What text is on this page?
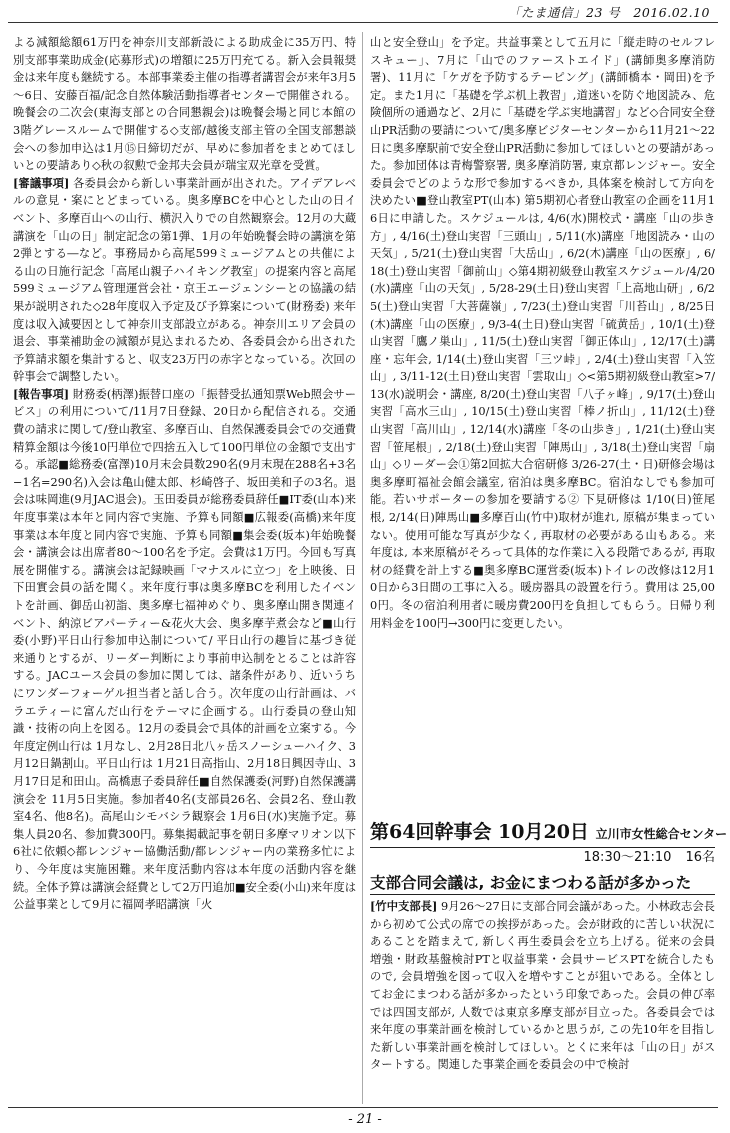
「たま通信」23 号　2016.02.10

よる減額総額61万円を神奈川支部新設による助成金に35万円、特別支部事業助成金(応募形式)の増額に25万円充てる。新入会員報奨金は来年度も継続する。本部事業委主催の指導者講習会が来年3月5～6日、安藤百福/記念自然体験活動指導者センターで開催される。晩餐会の二次会(東海支部との合同懇親会)は晩餐会場と同じ本館の3階グレースルームで開催する◇支部/越後支部主管の全国支部懇談会への参加申込は1月⑮日締切だが、早めに参加者をまとめてほしいとの要請あり◇秋の叙勲で金邦夫会員が瑞宝双光章を受賞。

[審議事項] 各委員会から新しい事業計画が出された。アイデアレベルの意見・案にとどまっている。奥多摩BCを中心とした山の日イベント、多摩百山への山行、横沢入りでの自然観察会。12月の大蔵講演を「山の日」制定記念の第1弾、1月の年始晩餐会時の講演を第2弾とする―など。事務局から高尾599ミュージアムとの共催による山の日施行記念「高尾山親子ハイキング教室」の提案内容と高尾599ミュージアム管理運営会社・京王エージェンシーとの協議の結果が説明された◇28年度収入予定及び予算案について(財務委) 来年度は収入減要因として神奈川支部設立がある。神奈川エリア会員の退会、事業補助金の減額が見込まれるため、各委員会から出された予算請求額を集計すると、収支23万円の赤字となっている。次回の幹事会で調整したい。

[報告事項] 財務委(柄澤)振替口座の「振替受払通知票Web照会サービス」の利用について/11月7日登録、20日から配信される。交通費の請求に関して/登山教室、多摩百山、自然保護委員会での交通費精算金額は今後10円単位で四捨五入して100円単位の金額で支出する。承認■総務委(富澤)10月末会員数290名(9月末現在288名+3名−1名=290名)入会は亀山健太郎、杉崎啓子、坂田美和子の3名。退会は味岡進(9月JAC退会)。玉田委員が総務委員辞任■IT委(山本)来年度事業は本年と同内容で実施、予算も同額■広報委(高橋)来年度事業は本年度と同内容で実施、予算も同額■集会委(坂本)年始晩餐会・講演会は出席者80～100名を予定。会費は1万円。今回も写真展を開催する。講演会は記録映画「マナスルに立つ」を上映後、日下田實会員の話を聞く。来年度行事は奥多摩BCを利用したイベントを計画、御岳山初詣、奥多摩七福神めぐり、奥多摩山開き関連イベント、納涼ビアパーティー&花火大会、奥多摩芋煮会など■山行委(小野)平日山行参加申込制について/ 平日山行の趣旨に基づき従来通りとするが、リーダー判断により事前申込制をとることは許容する。JACユース会員の参加に関しては、諸条件があり、近いうちにワンダーフォーゲル担当者と話し合う。次年度の山行計画は、バラエティーに富んだ山行をテーマに企画する。山行委員の登山知識・技術の向上を図る。12月の委員会で具体的計画を立案する。今年度定例山行は 1月なし、2月28日北八ヶ岳スノーシューハイク、3月12日鍋割山。平日山行は 1月21日高指山、2月18日興因寺山、3月17日足和田山。高橋恵子委員辞任■自然保護委(河野)自然保護講演会を 11月5日実施。参加者40名(支部員26名、会員2名、登山教室4名、他8名)。高尾山シモバシラ観察会 1月6日(水)実施予定。募集人員20名、参加費300円。募集掲載記事を朝日多摩マリオン以下6社に依頼◇都レンジャー協働活動/都レンジャー内の業務多忙により、今年度は実施困難。来年度活動内容は本年度の活動内容を継続。全体予算は講演会経費として2万円追加■安全委(小山)来年度は公益事業として9月に福岡孝昭講演「火

山と安全登山」を予定。共益事業として五月に「縦走時のセルフレスキュー」、7月に「山でのファーストエイド」(講師奥多摩消防署)、11月に「ケガを予防するテーピング」(講師橋本・岡田)を予定。また1月に「基礎を学ぶ机上教習」,道迷いを防ぐ地図読み、危険個所の通過など、2月に「基礎を学ぶ実地講習」など◇合同安全登山PR活動の要請について/奥多摩ビジターセンターから11月21～22日に奥多摩駅前で安全登山PR活動に参加してほしいとの要請があった。参加団体は青梅警察署, 奥多摩消防署, 東京都レンジャー。安全委員会でどのような形で参加するべきか, 具体案を検討して方向を決めたい■登山教室PT(山本) 第5期初心者登山教室の企画を11月16日に申請した。スケジュールは, 4/6(水)開校式・講座「山の歩き方」, 4/16(土)登山実習「三頭山」, 5/11(水)講座「地図読み・山の天気」, 5/21(土)登山実習「大岳山」, 6/2(木)講座「山の医療」, 6/18(土)登山実習「御前山」◇第4期初級登山教室スケジュール/4/20(水)講座「山の天気」, 5/28-29(土日)登山実習「上高地山研」, 6/25(土)登山実習「大菩薩嶺」, 7/23(土)登山実習「川苔山」, 8/25日(木)講座「山の医療」, 9/3-4(土日)登山実習「硫黄岳」, 10/1(土)登山実習「鷹ノ巣山」, 11/5(土)登山実習「御正体山」, 12/17(土)講座・忘年会, 1/14(土)登山実習「三ツ峠」, 2/4(土)登山実習「入笠山」, 3/11-12(土日)登山実習「雲取山」◇<第5期初級登山教室>7/13(水)説明会・講座, 8/20(土)登山実習「八子ヶ峰」, 9/17(土)登山実習「高水三山」, 10/15(土)登山実習「棒ノ折山」, 11/12(土)登山実習「高川山」, 12/14(水)講座「冬の山歩き」, 1/21(土)登山実習「笹尾根」, 2/18(土)登山実習「陣馬山」, 3/18(土)登山実習「扇山」◇リーダー会①第2回拡大合宿研修 3/26-27(土・日)研修会場は奥多摩町福祉会館会議室, 宿泊は奥多摩BC。宿泊なしでも参加可能。若いサポーターの参加を要請する② 下見研修は 1/10(日)笹尾根, 2/14(日)陣馬山■多摩百山(竹中)取材が進れ, 原稿が集まっていない。使用可能な写真が少なく, 再取材の必要がある山もある。来年度は, 本来原稿がそろって具体的な作業に入る段階であるが, 再取材の経費を計上する■奥多摩BC運営委(坂本)トイレの改修は12月10日から3日間の工事に入る。暖房器具の設置を行う。費用は 25,000円。冬の宿泊利用者に暖房費200円を負担してもらう。日帰り利用料金を100円→300円に変更したい。

第64回幹事会 10月20日 立川市女性総合センター
18:30～21:10 16名
支部合同会議は, お金にまつわる話が多かった
[竹中支部長] 9月26～27日に支部合同会議があった。小林政志会長から初めて公式の席での挨拶があった。会が財政的に苦しい状況にあることを踏まえて, 新しく再生委員会を立ち上げる。従来の会員増強・財政基盤検討PTと収益事業・会員サービスPTを統合したもので, 会員増強を図って収入を増やすことが狙いである。全体としてお金にまつわる話が多かったという印象であった。会員の伸び率では四国支部が, 人数では東京多摩支部が目立った。各委員会では来年度の事業計画を検討しているかと思うが, この先10年を目指した新しい事業計画を検討してほしい。とくに来年は「山の日」がスタートする。関連した事業企画を委員会の中で検討
- 21 -
